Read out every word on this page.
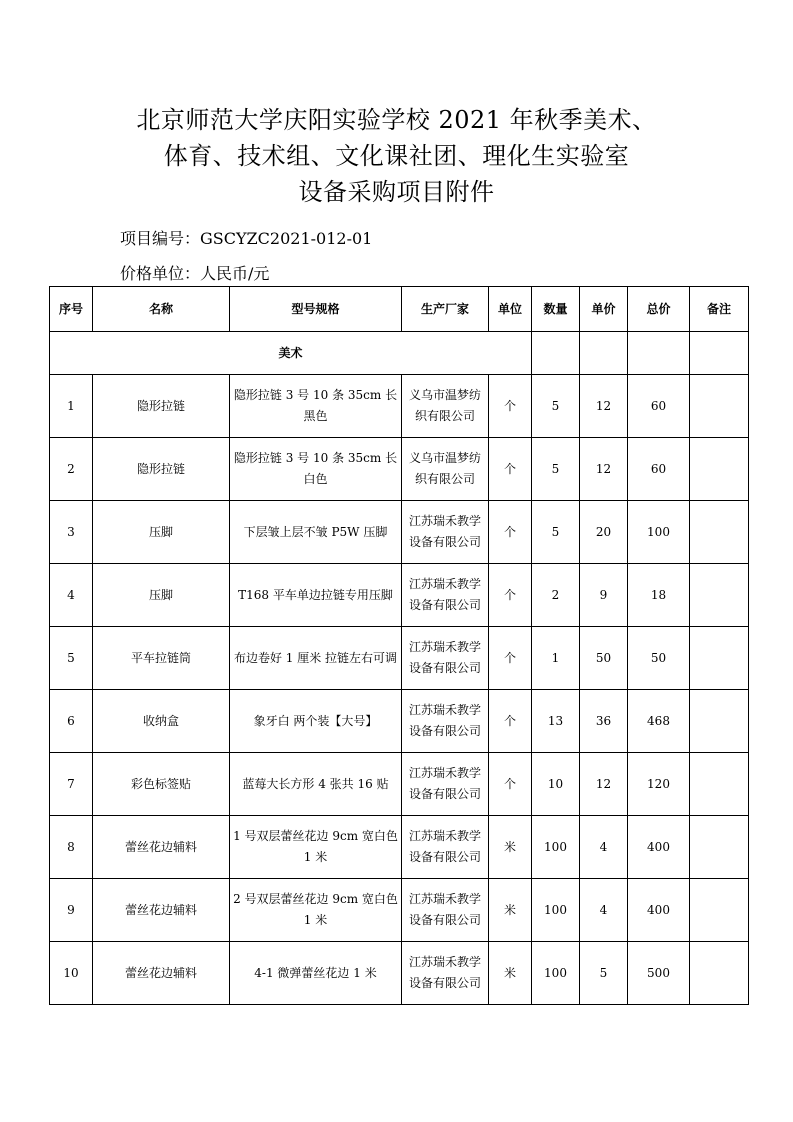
北京师范大学庆阳实验学校 2021 年秋季美术、
体育、技术组、文化课社团、理化生实验室
设备采购项目附件
项目编号：GSCYZC2021-012-01
价格单位：人民币/元
序号	名称	型号规格	生产厂家	单位	数量	单价	总价	备注
美术								
1	隐形拉链	隐形拉链 3 号 10 条 35cm 长 黑色	义乌市温梦纺织有限公司	个	5	12	60	
2	隐形拉链	隐形拉链 3 号 10 条 35cm 长 白色	义乌市温梦纺织有限公司	个	5	12	60	
3	压脚	下层皱上层不皱 P5W 压脚	江苏瑞禾教学设备有限公司	个	5	20	100	
4	压脚	T168 平车单边拉链专用压脚	江苏瑞禾教学设备有限公司	个	2	9	18	
5	平车拉链筒	布边卷好 1 厘米 拉链左右可调	江苏瑞禾教学设备有限公司	个	1	50	50	
6	收纳盒	象牙白 两个装【大号】	江苏瑞禾教学设备有限公司	个	13	36	468	
7	彩色标签贴	蓝莓大长方形 4 张共 16 贴	江苏瑞禾教学设备有限公司	个	10	12	120	
8	蕾丝花边辅料	1 号双层蕾丝花边 9cm 宽白色 1 米	江苏瑞禾教学设备有限公司	米	100	4	400	
9	蕾丝花边辅料	2 号双层蕾丝花边 9cm 宽白色 1 米	江苏瑞禾教学设备有限公司	米	100	4	400	
10	蕾丝花边辅料	4-1 微弹蕾丝花边 1 米	江苏瑞禾教学设备有限公司	米	100	5	500	
